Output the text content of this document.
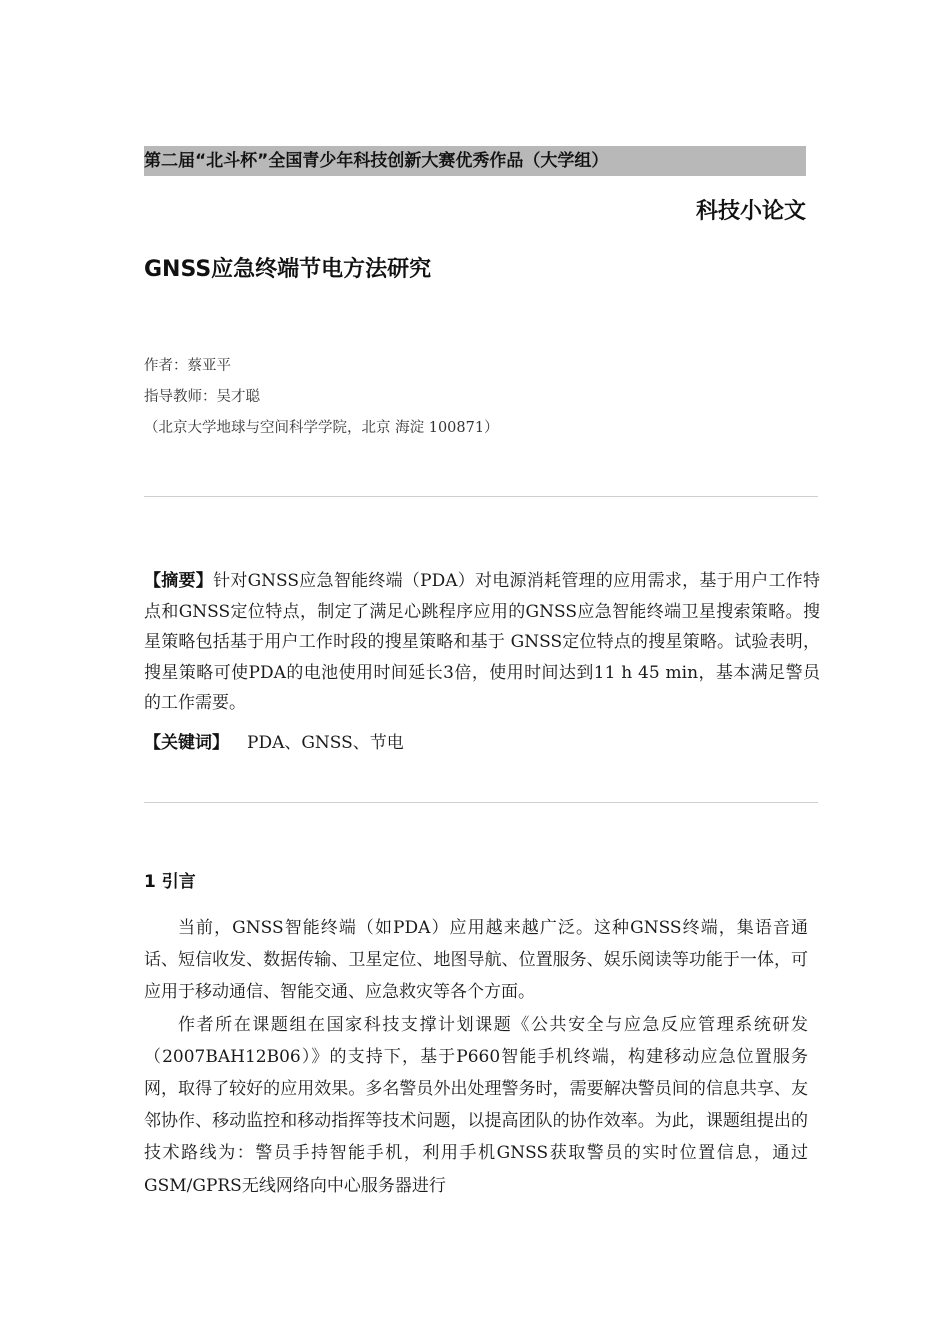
第二届“北斗杯”全国青少年科技创新大赛优秀作品（大学组）
科技小论文
GNSS应急终端节电方法研究
作者：蔡亚平
指导教师：吴才聪
（北京大学地球与空间科学学院，北京 海淀 100871）
【摘要】针对GNSS应急智能终端（PDA）对电源消耗管理的应用需求，基于用户工作特点和GNSS定位特点，制定了满足心跳程序应用的GNSS应急智能终端卫星搜索策略。搜星策略包括基于用户工作时段的搜星策略和基于 GNSS定位特点的搜星策略。试验表明，搜星策略可使PDA的电池使用时间延长3倍，使用时间达到11 h 45 min，基本满足警员的工作需要。
【关键词】 PDA、GNSS、节电
1 引言

当前，GNSS智能终端（如PDA）应用越来越广泛。这种GNSS终端，集语音通话、短信收发、数据传输、卫星定位、地图导航、位置服务、娱乐阅读等功能于一体，可应用于移动通信、智能交通、应急救灾等各个方面。

作者所在课题组在国家科技支撑计划课题《公共安全与应急反应管理系统研发（2007BAH12B06）》的支持下，基于P660智能手机终端，构建移动应急位置服务网，取得了较好的应用效果。多名警员外出处理警务时，需要解决警员间的信息共享、友邻协作、移动监控和移动指挥等技术问题，以提高团队的协作效率。为此，课题组提出的技术路线为：警员手持智能手机，利用手机GNSS获取警员的实时位置信息，通过GSM/GPRS无线网络向中心服务器进行
